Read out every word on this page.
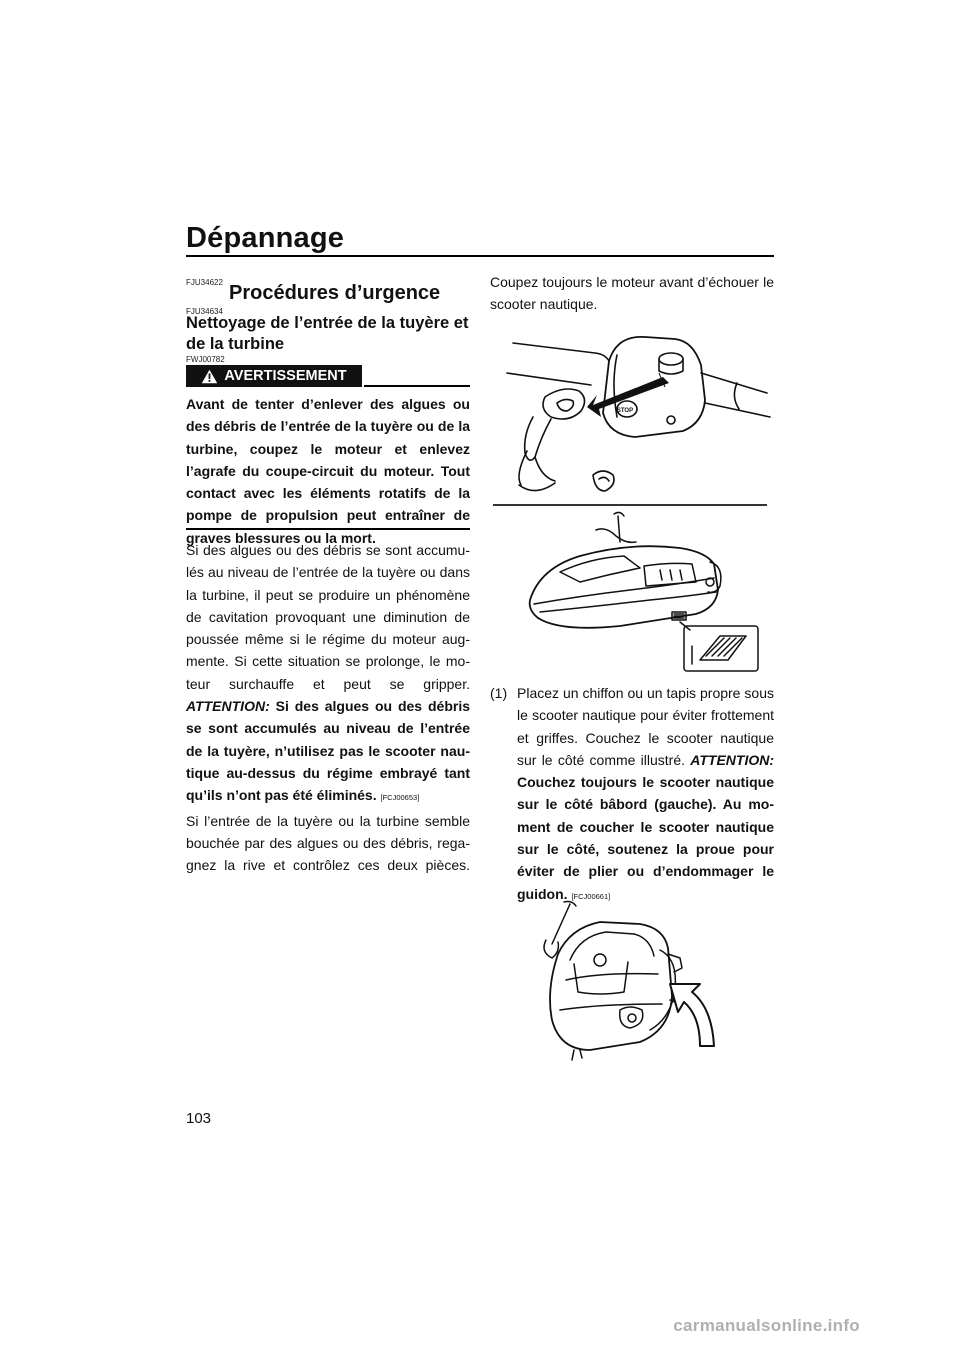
Dépannage
FJU34622 Procédures d’urgence
FJU34634
Nettoyage de l’entrée de la tuyère et
de la turbine
FWJ00782
AVERTISSEMENT
Avant de tenter d’enlever des algues ou
des débris de l’entrée de la tuyère ou de la
turbine, coupez le moteur et enlevez
l’agrafe du coupe-circuit du moteur. Tout
contact avec les éléments rotatifs de la
pompe de propulsion peut entraîner de
graves blessures ou la mort.
Si des algues ou des débris se sont accumu-
lés au niveau de l’entrée de la tuyère ou dans
la turbine, il peut se produire un phénomène
de cavitation provoquant une diminution de
poussée même si le régime du moteur aug-
mente. Si cette situation se prolonge, le mo-
teur surchauffe et peut se gripper.
ATTENTION: Si des algues ou des débris
se sont accumulés au niveau de l’entrée
de la tuyère, n’utilisez pas le scooter nau-
tique au-dessus du régime embrayé tant
qu’ils n’ont pas été éliminés. [FCJ00653]
Si l’entrée de la tuyère ou la turbine semble
bouchée par des algues ou des débris, rega-
gnez la rive et contrôlez ces deux pièces.
Coupez toujours le moteur avant d’échouer le
scooter nautique.
STOP
(1) Placez un chiffon ou un tapis propre sous
le scooter nautique pour éviter frottement
et griffes. Couchez le scooter nautique
sur le côté comme illustré. ATTENTION:
Couchez toujours le scooter nautique
sur le côté bâbord (gauche). Au mo-
ment de coucher le scooter nautique
sur le côté, soutenez la proue pour
éviter de plier ou d’endommager le
guidon. [FCJ00661]
103
carmanualsonline.info
